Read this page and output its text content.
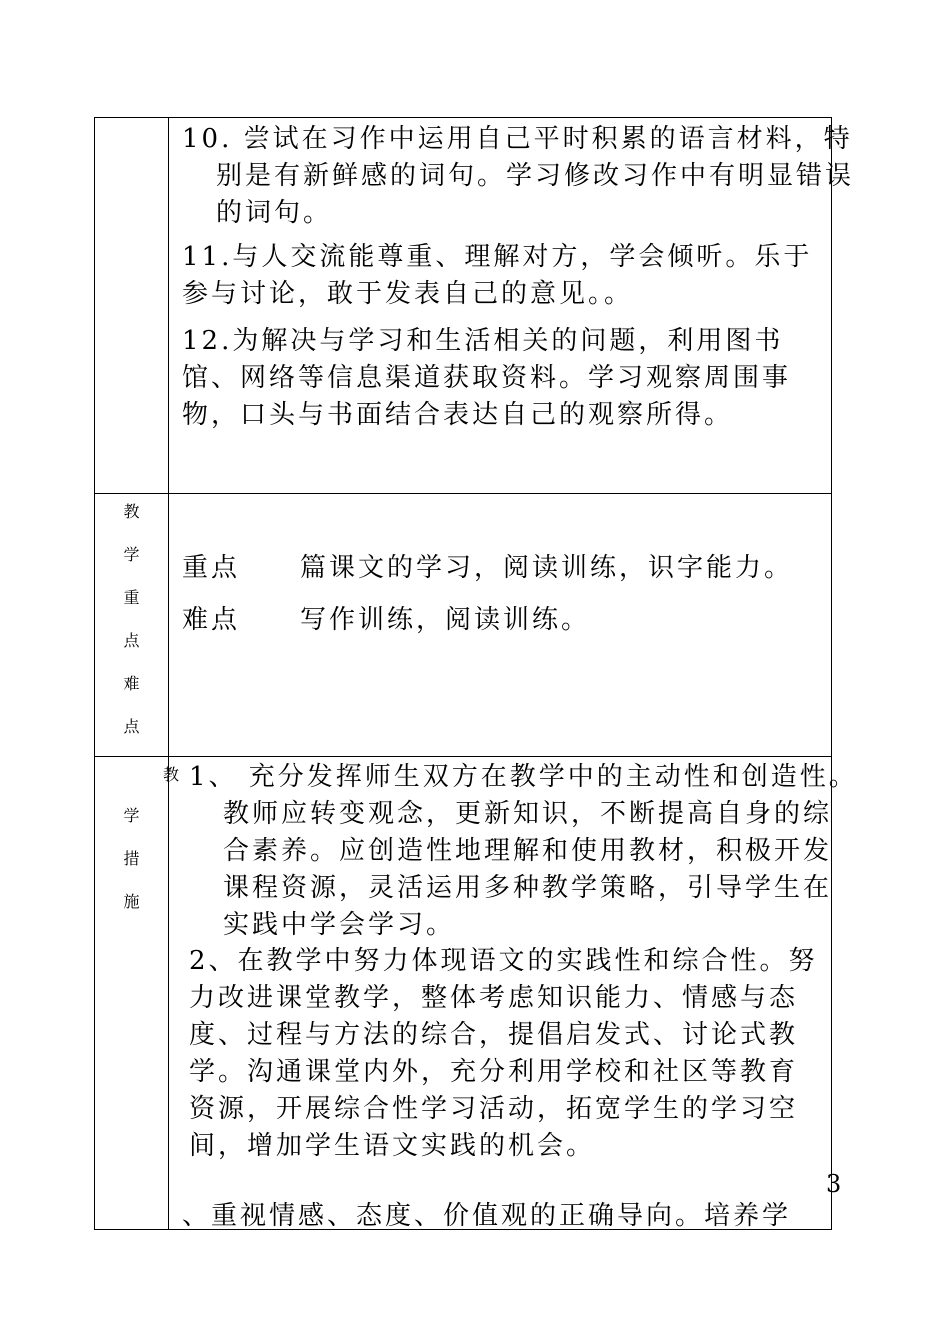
10. 尝试在习作中运用自己平时积累的语言材料，特别是有新鲜感的词句。学习修改习作中有明显错误的词句。

11.与人交流能尊重、理解对方，学会倾听。乐于参与讨论，敢于发表自己的意见。。

12.为解决与学习和生活相关的问题，利用图书馆、网络等信息渠道获取资料。学习观察周围事物，口头与书面结合表达自己的观察所得。

教
学
重
点
难
点
重点 篇课文的学习，阅读训练，识字能力。
难点 写作训练，阅读训练。
教
学
措
施

1、 充分发挥师生双方在教学中的主动性和创造性。教师应转变观念，更新知识，不断提高自身的综合素养。应创造性地理解和使用教材，积极开发课程资源，灵活运用多种教学策略，引导学生在实践中学会学习。

2、在教学中努力体现语文的实践性和综合性。努力改进课堂教学，整体考虑知识能力、情感与态度、过程与方法的综合，提倡启发式、讨论式教学。沟通课堂内外，充分利用学校和社区等教育资源，开展综合性学习活动，拓宽学生的学习空间，增加学生语文实践的机会。

、重视情感、态度、价值观的正确导向。培养学

3
